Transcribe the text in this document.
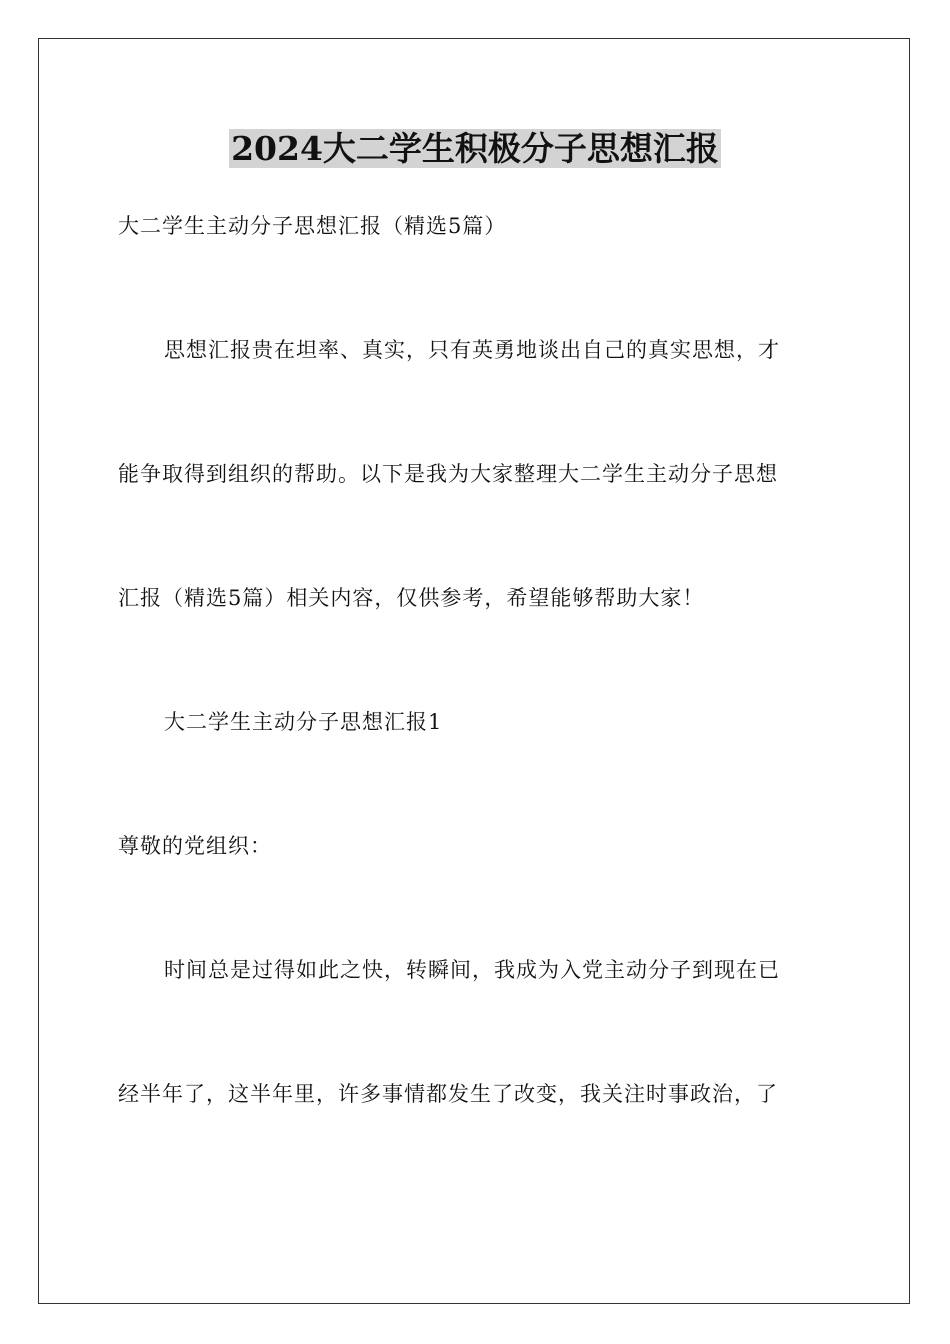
2024大二学生积极分子思想汇报
大二学生主动分子思想汇报（精选5篇）
思想汇报贵在坦率、真实，只有英勇地谈出自己的真实思想，才
能争取得到组织的帮助。以下是我为大家整理大二学生主动分子思想
汇报（精选5篇）相关内容，仅供参考，希望能够帮助大家！
大二学生主动分子思想汇报1
尊敬的党组织：
时间总是过得如此之快，转瞬间，我成为入党主动分子到现在已
经半年了，这半年里，许多事情都发生了改变，我关注时事政治，了
